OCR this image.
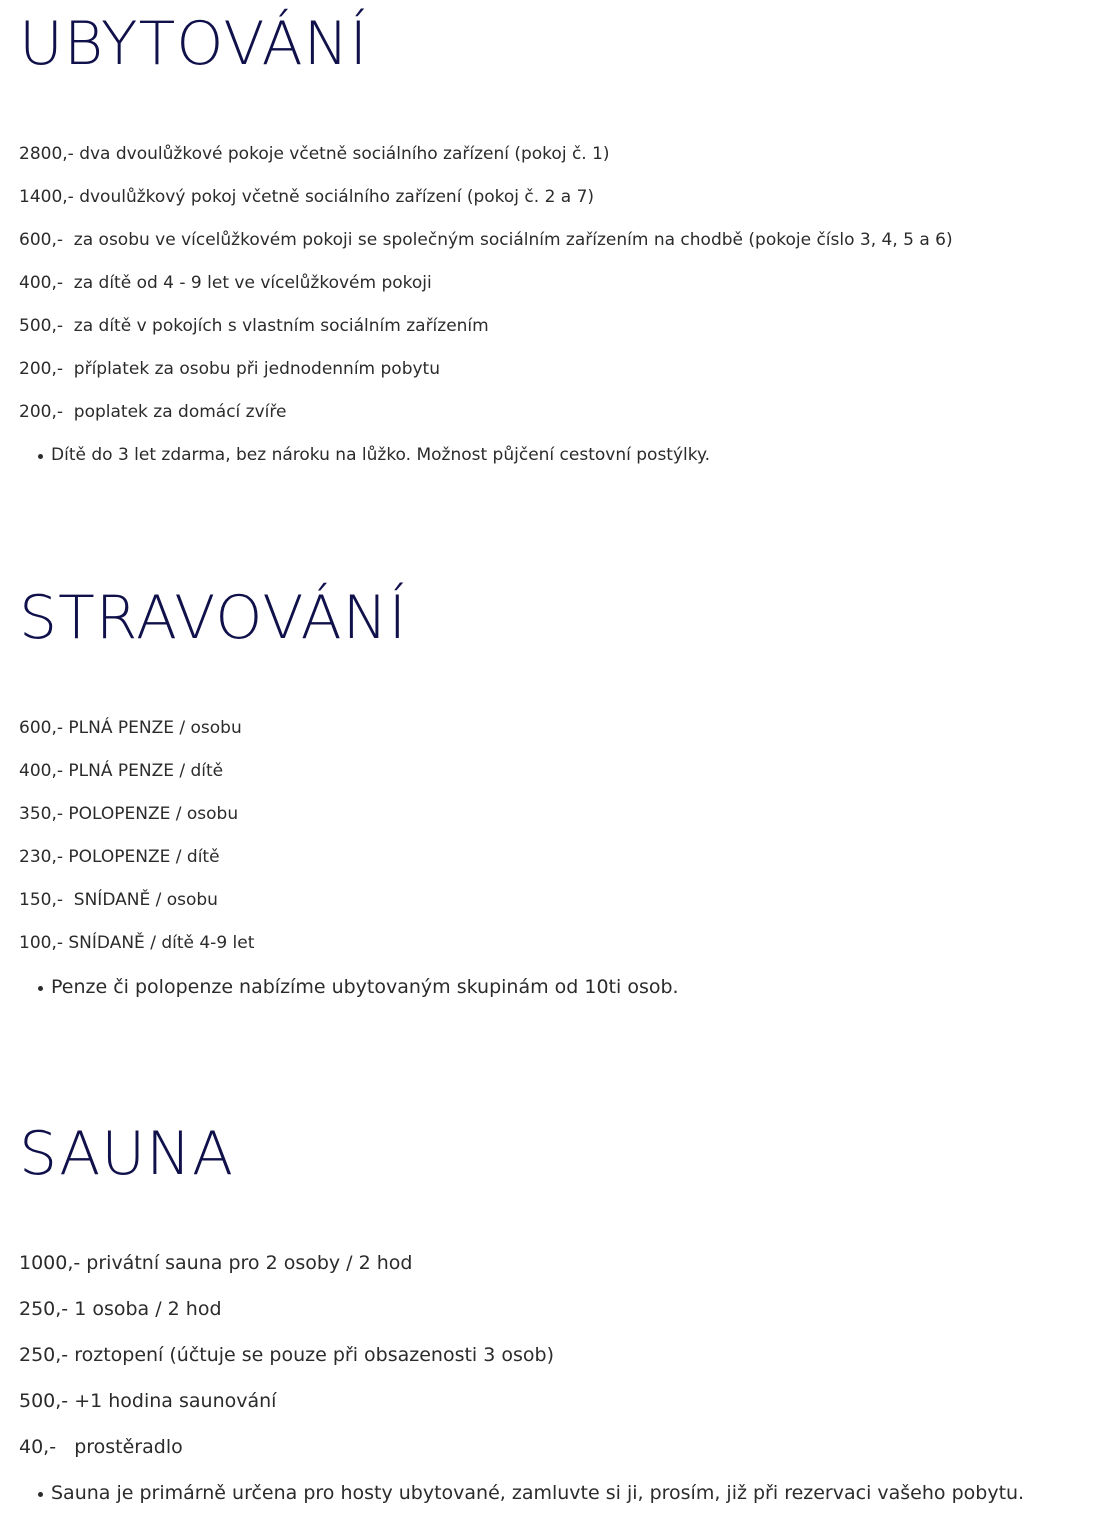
UBYTOVÁNÍ
2800,- dva dvoulůžkové pokoje včetně sociálního zařízení (pokoj č. 1)
1400,- dvoulůžkový pokoj včetně sociálního zařízení (pokoj č. 2 a 7)
600,-  za osobu ve vícelůžkovém pokoji se společným sociálním zařízením na chodbě (pokoje číslo 3, 4, 5 a 6)
400,-  za dítě od 4 - 9 let ve vícelůžkovém pokoji
500,-  za dítě v pokojích s vlastním sociálním zařízením
200,-  příplatek za osobu při jednodenním pobytu
200,-  poplatek za domácí zvíře
Dítě do 3 let zdarma, bez nároku na lůžko. Možnost půjčení cestovní postýlky.
STRAVOVÁNÍ
600,- PLNÁ PENZE / osobu
400,- PLNÁ PENZE / dítě
350,- POLOPENZE / osobu
230,- POLOPENZE / dítě
150,-  SNÍDANĚ / osobu
100,- SNÍDANĚ / dítě 4-9 let
Penze či polopenze nabízíme ubytovaným skupinám od 10ti osob.
SAUNA
1000,- privátní sauna pro 2 osoby / 2 hod
250,- 1 osoba / 2 hod
250,- roztopení (účtuje se pouze při obsazenosti 3 osob)
500,- +1 hodina saunování
40,-   prostěradlo
Sauna je primárně určena pro hosty ubytované, zamluvte si ji, prosím, již při rezervaci vašeho pobytu.
